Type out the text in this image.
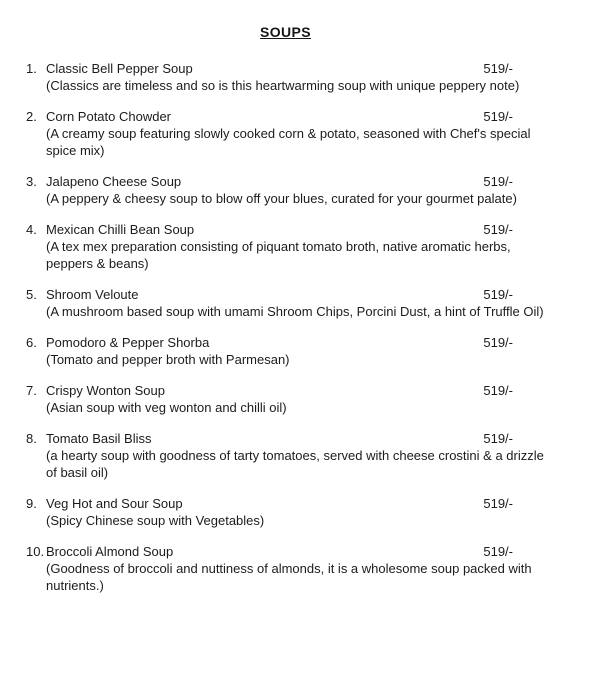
SOUPS
1. Classic Bell Pepper Soup	519/-
(Classics are timeless and so is this heartwarming soup with unique peppery note)
2. Corn Potato Chowder	519/-
(A creamy soup featuring slowly cooked corn & potato, seasoned with Chef's special spice mix)
3. Jalapeno Cheese Soup	519/-
(A peppery & cheesy soup to blow off your blues, curated for your gourmet palate)
4. Mexican Chilli Bean Soup	519/-
(A tex mex preparation consisting of piquant tomato broth, native aromatic herbs, peppers & beans)
5. Shroom Veloute	519/-
(A mushroom based soup with umami Shroom Chips, Porcini Dust, a hint of Truffle Oil)
6. Pomodoro & Pepper Shorba	519/-
(Tomato and pepper broth with Parmesan)
7. Crispy Wonton Soup	519/-
(Asian soup with veg wonton and chilli oil)
8. Tomato Basil Bliss	519/-
(a hearty soup with goodness of tarty tomatoes, served with cheese crostini & a drizzle of basil oil)
9. Veg Hot and Sour Soup	519/-
(Spicy Chinese soup with Vegetables)
10. Broccoli Almond Soup	519/-
(Goodness of broccoli and nuttiness of almonds, it is a wholesome soup packed with nutrients.)
